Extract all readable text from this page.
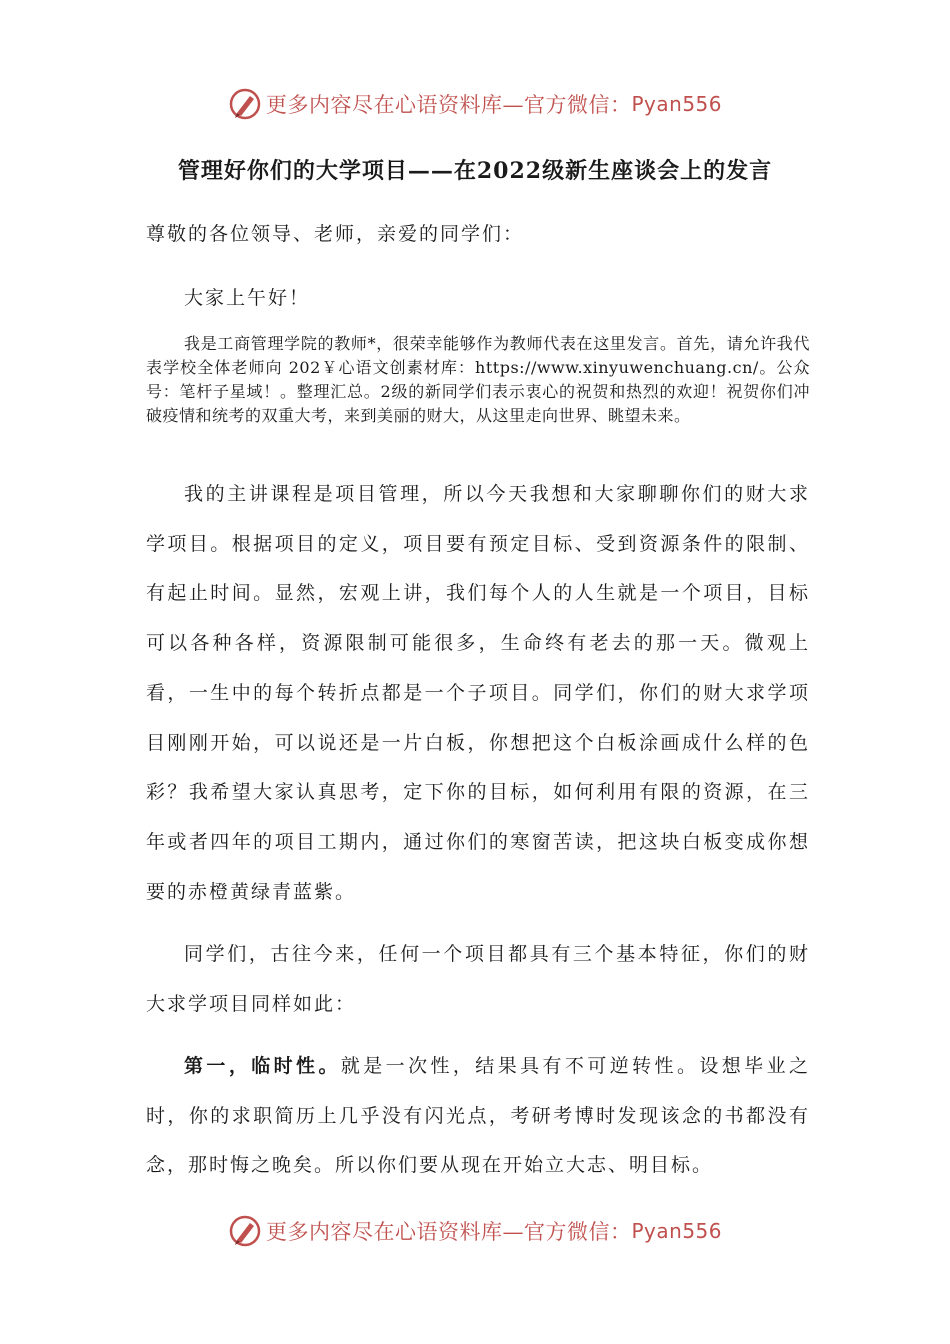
更多内容尽在心语资料库—官方微信： Pyan556
管理好你们的大学项目——在2022级新生座谈会上的发言
尊敬的各位领导、老师，亲爱的同学们：
大家上午好！
我是工商管理学院的教师*，很荣幸能够作为教师代表在这里发言。首先，请允许我代表学校全体老师向 202￥心语文创素材库：https://www.xinyuwenchuang.cn/。公众号：笔杆子星域！。整理汇总。2级的新同学们表示衷心的祝贺和热烈的欢迎！祝贺你们冲破疫情和统考的双重大考，来到美丽的财大，从这里走向世界、眺望未来。
我的主讲课程是项目管理，所以今天我想和大家聊聊你们的财大求学项目。根据项目的定义，项目要有预定目标、受到资源条件的限制、有起止时间。显然，宏观上讲，我们每个人的人生就是一个项目，目标可以各种各样，资源限制可能很多，生命终有老去的那一天。微观上看，一生中的每个转折点都是一个子项目。同学们，你们的财大求学项目刚刚开始，可以说还是一片白板，你想把这个白板涂画成什么样的色彩？我希望大家认真思考，定下你的目标，如何利用有限的资源，在三年或者四年的项目工期内，通过你们的寒窗苦读，把这块白板变成你想要的赤橙黄绿青蓝紫。
同学们，古往今来，任何一个项目都具有三个基本特征，你们的财大求学项目同样如此：
第一，临时性。就是一次性，结果具有不可逆转性。设想毕业之时，你的求职简历上几乎没有闪光点，考研考博时发现该念的书都没有念，那时悔之晚矣。所以你们要从现在开始立大志、明目标。
更多内容尽在心语资料库—官方微信： Pyan556
